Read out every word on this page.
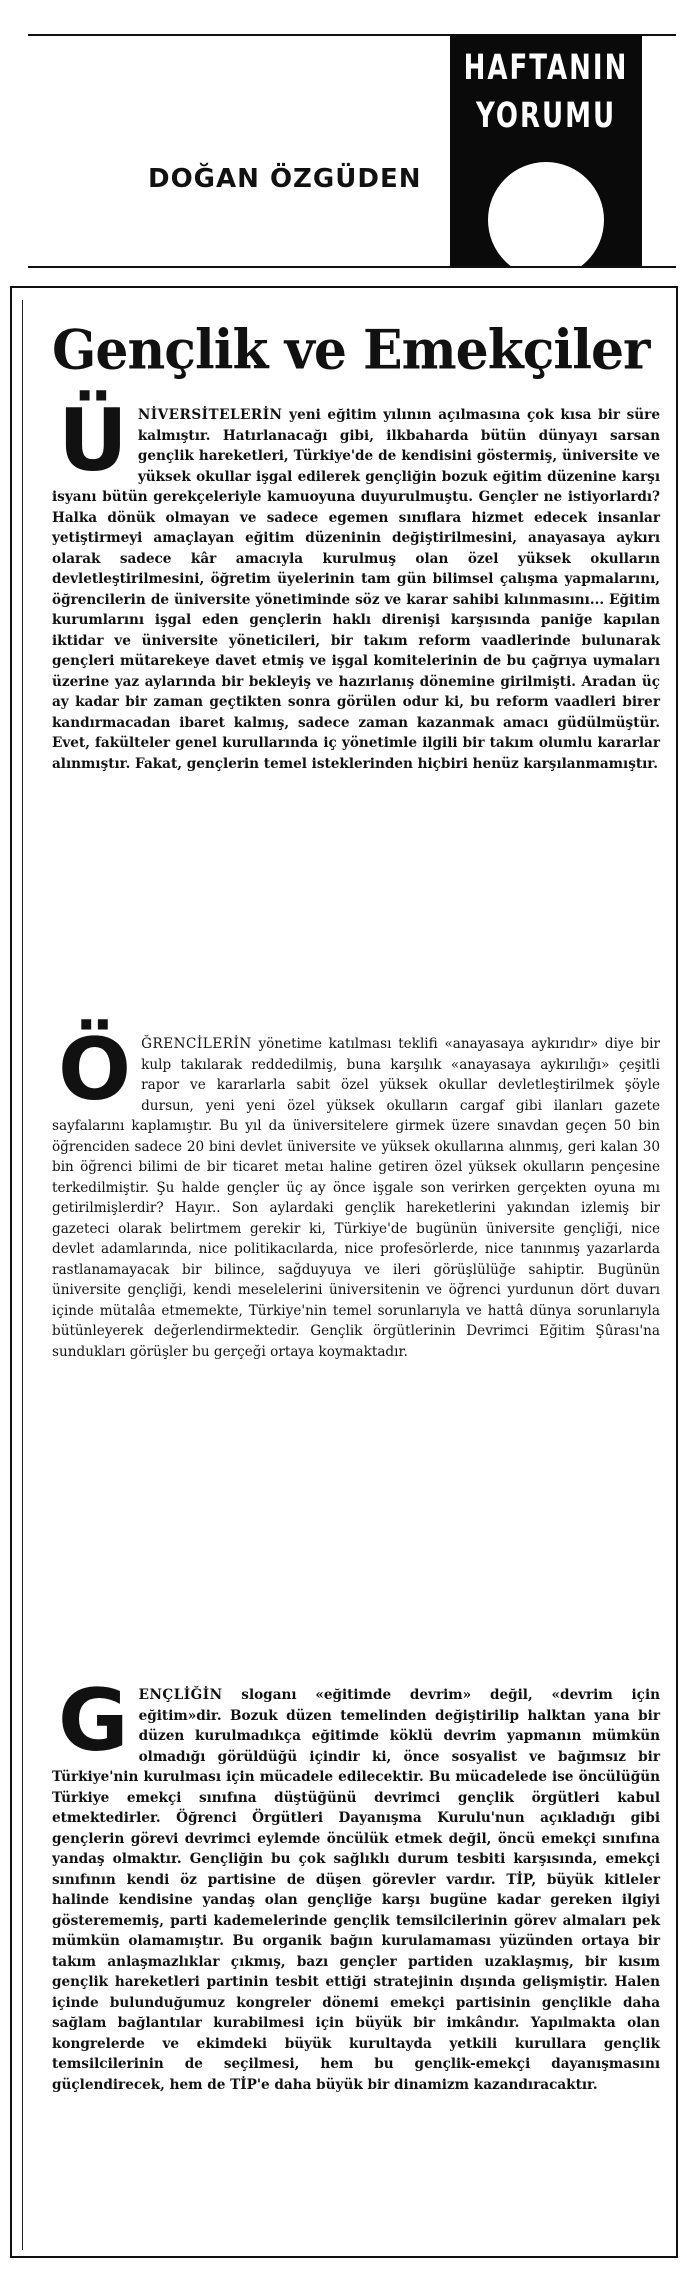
DOĞAN ÖZGÜDEN
HAFTANIN
YORUMU
Gençlik ve Emekçiler
Ü NİVERSİTELERİN yeni eğitim yılının açılmasına çok kısa bir süre kalmıştır. Hatırlanacağı gibi, ilkbaharda bütün dünyayı sarsan gençlik hareketleri, Türkiye'de de kendisini göstermiş, üniversite ve yüksek okullar işgal edilerek gençliğin bozuk eğitim düzenine karşı isyanı bütün gerekçeleriyle kamuoyuna duyurulmuştu. Gençler ne istiyorlardı? Halka dönük olmayan ve sadece egemen sınıflara hizmet edecek insanlar yetiştirmeyi amaçlayan eğitim düzeninin değiştirilmesini, anayasaya aykırı olarak sadece kâr amacıyla kurulmuş olan özel yüksek okulların devletleştirilmesini, öğretim üyelerinin tam gün bilimsel çalışma yapmalarını, öğrencilerin de üniversite yönetiminde söz ve karar sahibi kılınmasını... Eğitim kurumlarını işgal eden gençlerin haklı direnişi karşısında paniğe kapılan iktidar ve üniversite yöneticileri, bir takım reform vaadlerinde bulunarak gençleri mütarekeye davet etmiş ve işgal komitelerinin de bu çağrıya uymaları üzerine yaz aylarında bir bekleyiş ve hazırlanış dönemine girilmişti. Aradan üç ay kadar bir zaman geçtikten sonra görülen odur ki, bu reform vaadleri birer kandırmacadan ibaret kalmış, sadece zaman kazanmak amacı güdülmüştür. Evet, fakülteler genel kurullarında iç yönetimle ilgili bir takım olumlu kararlar alınmıştır. Fakat, gençlerin temel isteklerinden hiçbiri henüz karşılanmamıştır.
Ö ĞRENCİLERİN yönetime katılması teklifi «anayasaya aykırıdır» diye bir kulp takılarak reddedilmiş, buna karşılık «anayasaya aykırılığı» çeşitli rapor ve kararlarla sabit özel yüksek okullar devletleştirilmek şöyle dursun, yeni yeni özel yüksek okulların cargaf gibi ilanları gazete sayfalarını kaplamıştır. Bu yıl da üniversitelere girmek üzere sınavdan geçen 50 bin öğrenciden sadece 20 bini devlet üniversite ve yüksek okullarına alınmış, geri kalan 30 bin öğrenci bilimi de bir ticaret metaı haline getiren özel yüksek okulların pençesine terkedilmiştir. Şu halde gençler üç ay önce işgale son verirken gerçekten oyuna mı getirilmişlerdir? Hayır.. Son aylardaki gençlik hareketlerini yakından izlemiş bir gazeteci olarak belirtmem gerekir ki, Türkiye'de bugünün üniversite gençliği, nice devlet adamlarında, nice politikacılarda, nice profesörlerde, nice tanınmış yazarlarda rastlanamayacak bir bilince, sağduyuya ve ileri görüşlülüğe sahiptir. Bugünün üniversite gençliği, kendi meselelerini üniversitenin ve öğrenci yurdunun dört duvarı içinde mütalâa etmemekte, Türkiye'nin temel sorunlarıyla ve hattâ dünya sorunlarıyla bütünleyerek değerlendirmektedir. Gençlik örgütlerinin Devrimci Eğitim Şûrası'na sundukları görüşler bu gerçeği ortaya koymaktadır.
G ENÇLİĞİN sloganı «eğitimde devrim» değil, «devrim için eğitim»dir. Bozuk düzen temelinden değiştirilip halktan yana bir düzen kurulmadıkça eğitimde köklü devrim yapmanın mümkün olmadığı görüldüğü içindir ki, önce sosyalist ve bağımsız bir Türkiye'nin kurulması için mücadele edilecektir. Bu mücadelede ise öncülüğün Türkiye emekçi sınıfına düştüğünü devrimci gençlik örgütleri kabul etmektedirler. Öğrenci Örgütleri Dayanışma Kurulu'nun açıkladığı gibi gençlerin görevi devrimci eylemde öncülük etmek değil, öncü emekçi sınıfına yandaş olmaktır. Gençliğin bu çok sağlıklı durum tesbiti karşısında, emekçi sınıfının kendi öz partisine de düşen görevler vardır. TİP, büyük kitleler halinde kendisine yandaş olan gençliğe karşı bugüne kadar gereken ilgiyi gösterememiş, parti kademelerinde gençlik temsilcilerinin görev almaları pek mümkün olamamıştır. Bu organik bağın kurulamaması yüzünden ortaya bir takım anlaşmazlıklar çıkmış, bazı gençler partiden uzaklaşmış, bir kısım gençlik hareketleri partinin tesbit ettiği stratejinin dışında gelişmiştir. Halen içinde bulunduğumuz kongreler dönemi emekçi partisinin gençlikle daha sağlam bağlantılar kurabilmesi için büyük bir imkândır. Yapılmakta olan kongrelerde ve ekimdeki büyük kurultayda yetkili kurullara gençlik temsilcilerinin de seçilmesi, hem bu gençlik-emekçi dayanışmasını güçlendirecek, hem de TİP'e daha büyük bir dinamizm kazandıracaktır.
